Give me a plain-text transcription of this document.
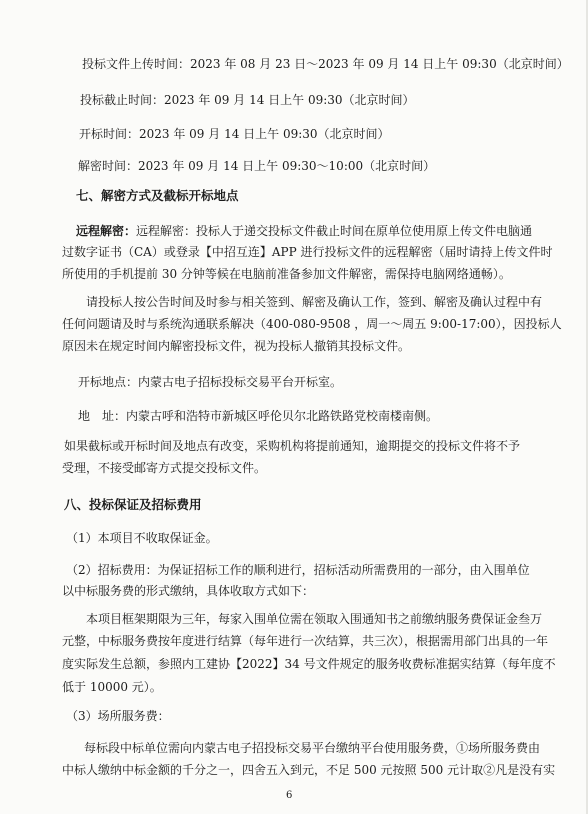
投标文件上传时间：2023 年 08 月 23 日～2023 年 09 月 14 日上午 09:30（北京时间）
投标截止时间：2023 年 09 月 14 日上午 09:30（北京时间）
开标时间：2023 年 09 月 14 日上午 09:30（北京时间）
解密时间：2023 年 09 月 14 日上午 09:30～10:00（北京时间）
七、解密方式及截标开标地点
远程解密：远程解密：投标人于递交投标文件截止时间在原单位使用原上传文件电脑通
过数字证书（CA）或登录【中招互连】APP 进行投标文件的远程解密（届时请持上传文件时
所使用的手机提前 30 分钟等候在电脑前准备参加文件解密，需保持电脑网络通畅）。
请投标人按公告时间及时参与相关签到、解密及确认工作，签到、解密及确认过程中有
任何问题请及时与系统沟通联系解决（400-080-9508 ，周一～周五 9:00-17:00），因投标人
原因未在规定时间内解密投标文件，视为投标人撤销其投标文件。
开标地点：内蒙古电子招标投标交易平台开标室。
地　址：内蒙古呼和浩特市新城区呼伦贝尔北路铁路党校南楼南侧。
如果截标或开标时间及地点有改变，采购机构将提前通知，逾期提交的投标文件将不予
受理，不接受邮寄方式提交投标文件。
八、投标保证及招标费用
（1）本项目不收取保证金。
（2）招标费用：为保证招标工作的顺利进行，招标活动所需费用的一部分，由入围单位
以中标服务费的形式缴纳，具体收取方式如下：
本项目框架期限为三年，每家入围单位需在领取入围通知书之前缴纳服务费保证金叁万
元整，中标服务费按年度进行结算（每年进行一次结算，共三次），根据需用部门出具的一年
度实际发生总额，参照内工建协【2022】34 号文件规定的服务收费标准据实结算（每年度不
低于 10000 元）。
（3）场所服务费：
每标段中标单位需向内蒙古电子招投标交易平台缴纳平台使用服务费，①场所服务费由
中标人缴纳中标金额的千分之一，四舍五入到元，不足 500 元按照 500 元计取②凡是没有实
6
